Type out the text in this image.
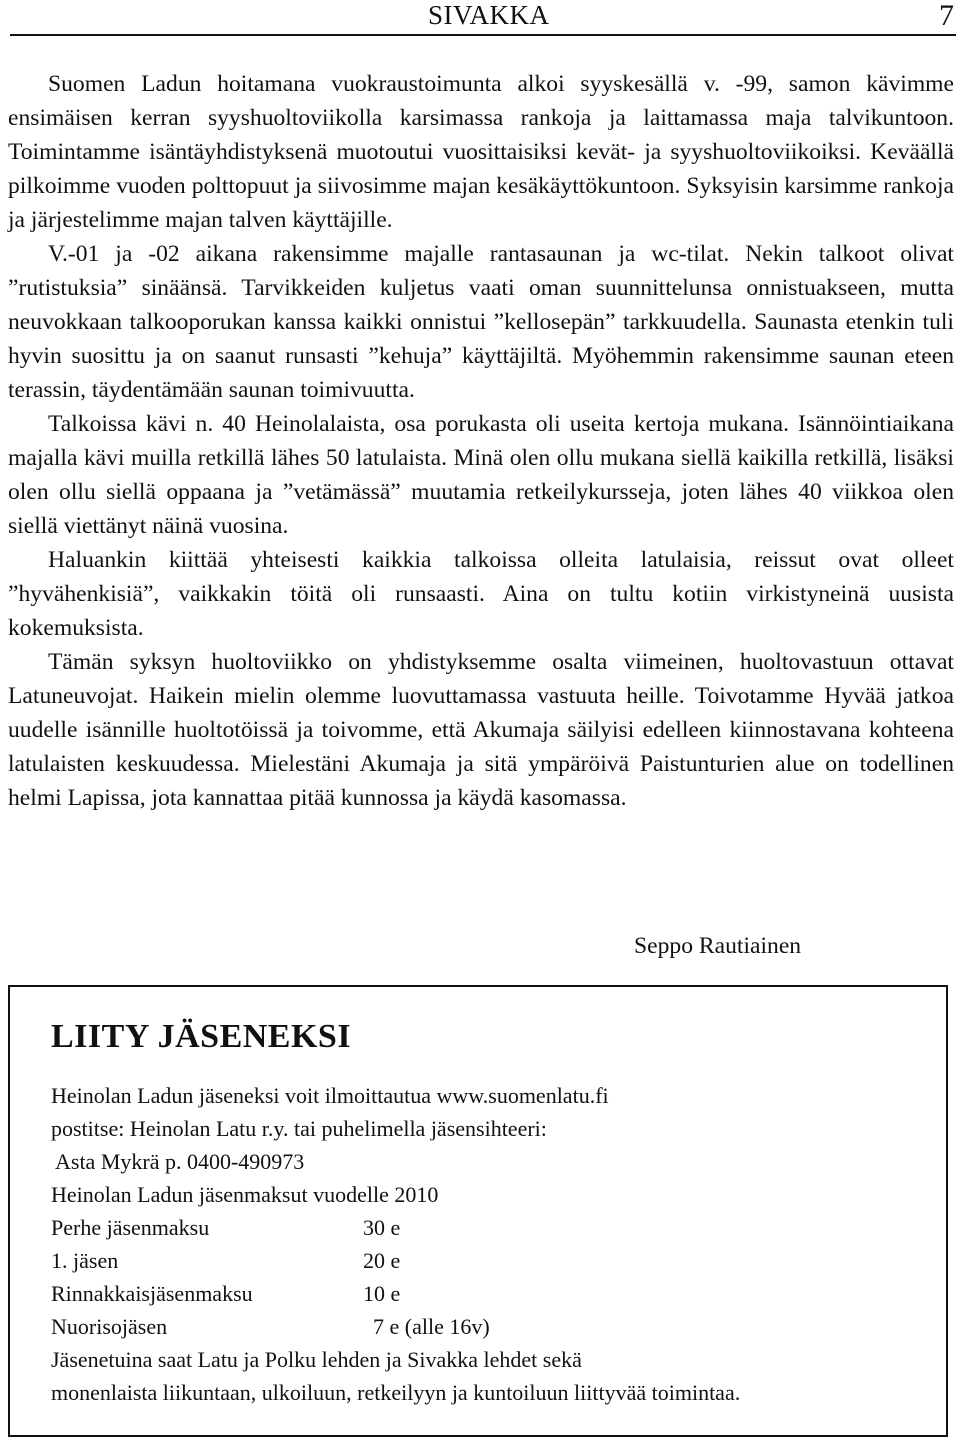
SIVAKKA	7

Suomen Ladun hoitamana vuokraustoimunta alkoi syyskesällä v. -99, samon kävimme ensimäisen kerran syyshuoltoviikolla karsimassa rankoja ja laittamassa maja talvikuntoon. Toimintamme isäntäyhdistyksenä muotoutui vuosittaisiksi kevät- ja syyshuoltoviikoiksi. Keväällä pilkoimme vuoden polttopuut ja siivosimme majan kesäkäyttökuntoon. Syksyisin karsimme rankoja ja järjestelimme majan talven käyttäjille.

V.-01 ja -02 aikana rakensimme majalle rantasaunan ja wc-tilat. Nekin talkoot olivat ”rutistuksia” sinäänsä. Tarvikkeiden kuljetus vaati oman suunnittelunsa onnistuakseen, mutta neuvokkaan talkooporukan kanssa kaikki onnistui ”kellosepän” tarkkuudella. Saunasta etenkin tuli hyvin suosittu ja on saanut runsasti ”kehuja” käyttäjiltä. Myöhemmin rakensimme saunan eteen terassin, täydentämään saunan toimivuutta.

Talkoissa kävi n. 40 Heinolalaista, osa porukasta oli useita kertoja mukana. Isännöintiaikana majalla kävi muilla retkillä lähes 50 latulaista. Minä olen ollu mukana siellä kaikilla retkillä, lisäksi olen ollu siellä oppaana ja ”vetämässä” muutamia retkeilykursseja, joten lähes 40 viikkoa olen siellä viettänyt näinä vuosina.

Haluankin kiittää yhteisesti kaikkia talkoissa olleita latulaisia, reissut ovat olleet ”hyvähenkisiä”, vaikkakin töitä oli runsaasti. Aina on tultu kotiin virkistyneinä uusista kokemuksista.

Tämän syksyn huoltoviikko on yhdistyksemme osalta viimeinen, huoltovastuun ottavat Latuneuvojat. Haikein mielin olemme luovuttamassa vastuuta heille. Toivotamme Hyvää jatkoa uudelle isännille huoltotöissä ja toivomme, että Akumaja säilyisi edelleen kiinnostavana kohteena latulaisten keskuudessa. Mielestäni Akumaja ja sitä ympäröivä Paistunturien alue on todellinen helmi Lapissa, jota kannattaa pitää kunnossa ja käydä kasomassa.

Seppo Rautiainen
LIITY JÄSENEKSI
Heinolan Ladun jäseneksi voit ilmoittautua www.suomenlatu.fi
postitse: Heinolan Latu r.y. tai puhelimella jäsensihteeri:
Asta Mykrä p. 0400-490973
Heinolan Ladun jäsenmaksut vuodelle 2010
Perhe jäsenmaksu	30 e
1. jäsen	20 e
Rinnakkaisjäsenmaksu	10 e
Nuorisojäsen	7 e (alle 16v)
Jäsenetuina saat Latu ja Polku lehden ja Sivakka lehdet sekä
monenlaista liikuntaan, ulkoiluun, retkeilyyn ja kuntoiluun liittyvää toimintaa.
